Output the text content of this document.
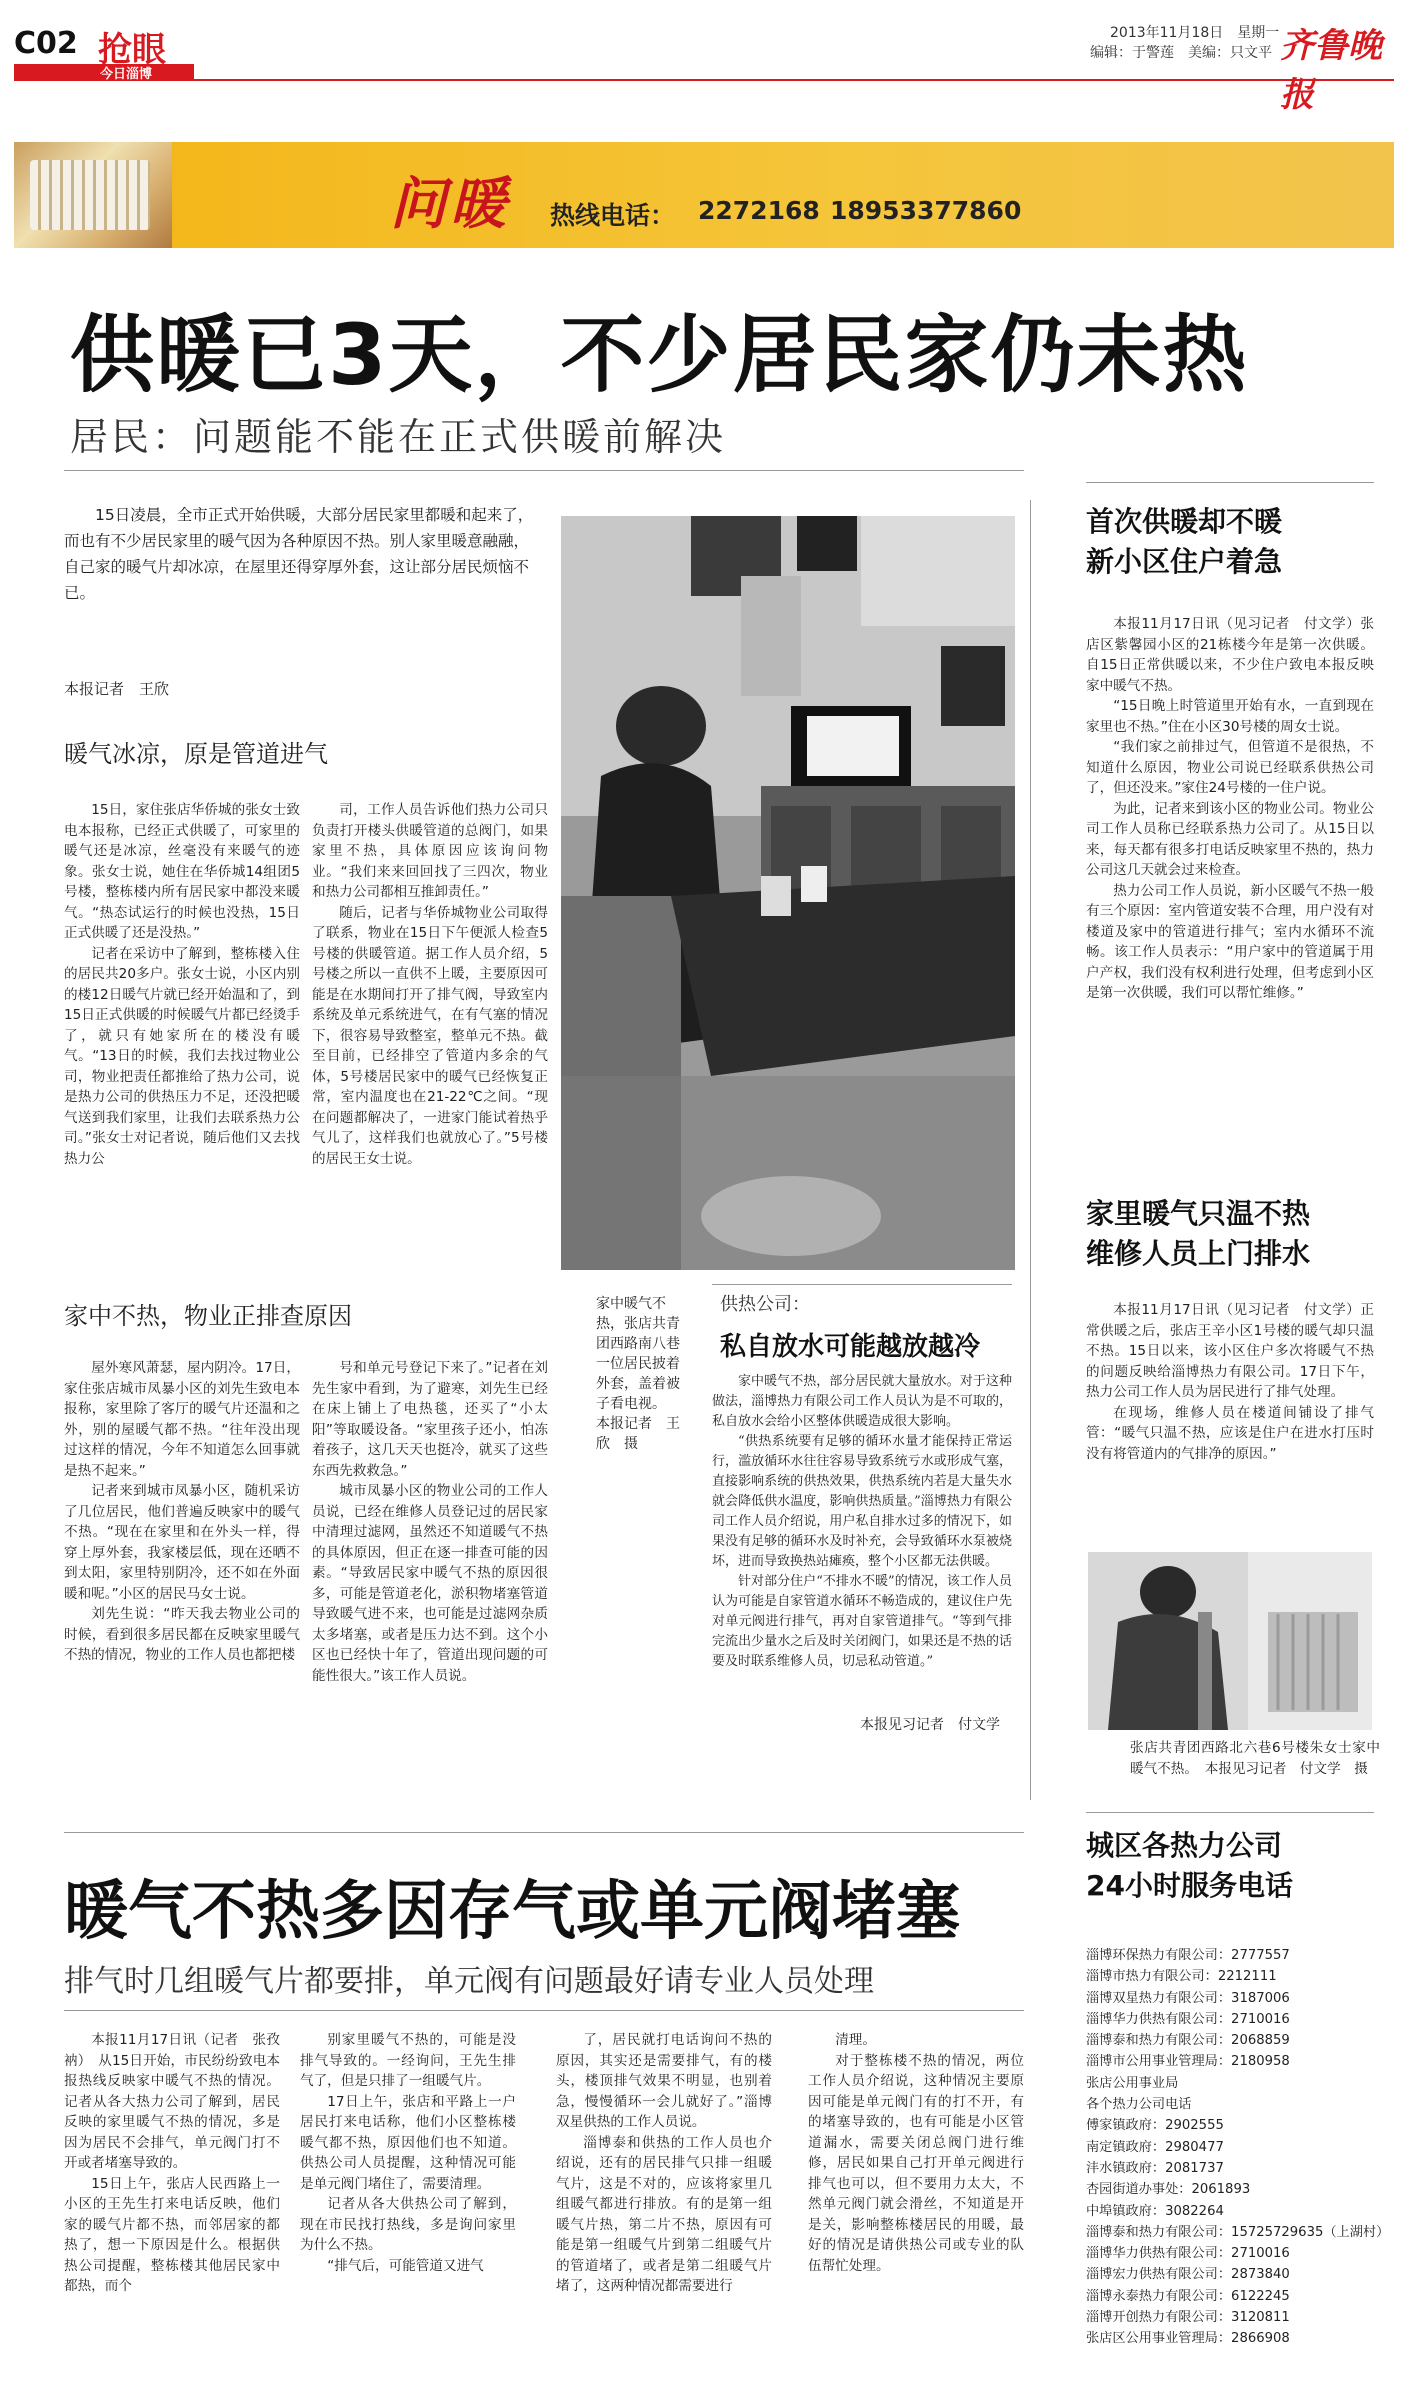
C02 抢眼
今日淄博
2013年11月18日　星期一
编辑：于警莲　美编：只文平 齐鲁晚报
问暖 热线电话： 2272168 18953377860
供暖已3天，不少居民家仍未热
居民：问题能不能在正式供暖前解决

15日凌晨，全市正式开始供暖，大部分居民家里都暖和起来了，而也有不少居民家里的暖气因为各种原因不热。别人家里暖意融融，自己家的暖气片却冰凉，在屋里还得穿厚外套，这让部分居民烦恼不已。

本报记者　王欣
暖气冰凉，原是管道进气

15日，家住张店华侨城的张女士致电本报称，已经正式供暖了，可家里的暖气还是冰凉，丝毫没有来暖气的迹象。张女士说，她住在华侨城14组团5号楼，整栋楼内所有居民家中都没来暖气。“热态试运行的时候也没热，15日正式供暖了还是没热。”

记者在采访中了解到，整栋楼入住的居民共20多户。张女士说，小区内别的楼12日暖气片就已经开始温和了，到15日正式供暖的时候暖气片都已经烫手了，就只有她家所在的楼没有暖气。“13日的时候，我们去找过物业公司，物业把责任都推给了热力公司，说是热力公司的供热压力不足，还没把暖气送到我们家里，让我们去联系热力公司。”张女士对记者说，随后他们又去找热力公

司，工作人员告诉他们热力公司只负责打开楼头供暖管道的总阀门，如果家里不热，具体原因应该询问物业。“我们来来回回找了三四次，物业和热力公司都相互推卸责任。”

随后，记者与华侨城物业公司取得了联系，物业在15日下午便派人检查5号楼的供暖管道。据工作人员介绍，5号楼之所以一直供不上暖，主要原因可能是在水期间打开了排气阀，导致室内系统及单元系统进气，在有气塞的情况下，很容易导致整室，整单元不热。截至目前，已经排空了管道内多余的气体，5号楼居民家中的暖气已经恢复正常，室内温度也在21-22℃之间。“现在问题都解决了，一进家门能试着热乎气儿了，这样我们也就放心了。”5号楼的居民王女士说。

家中不热，物业正排查原因

屋外寒风萧瑟，屋内阴冷。17日，家住张店城市凤暴小区的刘先生致电本报称，家里除了客厅的暖气片还温和之外，别的屋暖气都不热。“往年没出现过这样的情况，今年不知道怎么回事就是热不起来。”

记者来到城市凤暴小区，随机采访了几位居民，他们普遍反映家中的暖气不热。“现在在家里和在外头一样，得穿上厚外套，我家楼层低，现在还晒不到太阳，家里特别阴冷，还不如在外面暖和呢。”小区的居民马女士说。

刘先生说：“昨天我去物业公司的时候，看到很多居民都在反映家里暖气不热的情况，物业的工作人员也都把楼

号和单元号登记下来了。”记者在刘先生家中看到，为了避寒，刘先生已经在床上铺上了电热毯，还买了“小太阳”等取暖设备。“家里孩子还小，怕冻着孩子，这几天天也挺冷，就买了这些东西先救救急。”

城市凤暴小区的物业公司的工作人员说，已经在维修人员登记过的居民家中清理过滤网，虽然还不知道暖气不热的具体原因，但正在逐一排查可能的因素。“导致居民家中暖气不热的原因很多，可能是管道老化，淤积物堵塞管道导致暖气进不来，也可能是过滤网杂质太多堵塞，或者是压力达不到。这个小区也已经快十年了，管道出现问题的可能性很大。”该工作人员说。

家中暖气不热，张店共青团西路南八巷一位居民披着外套，盖着被子看电视。　本报记者　王欣　摄
供热公司：
私自放水可能越放越冷

家中暖气不热，部分居民就大量放水。对于这种做法，淄博热力有限公司工作人员认为是不可取的，私自放水会给小区整体供暖造成很大影响。

“供热系统要有足够的循环水量才能保持正常运行，滥放循环水往往容易导致系统亏水或形成气塞，直接影响系统的供热效果，供热系统内若是大量失水就会降低供水温度，影响供热质量。”淄博热力有限公司工作人员介绍说，用户私自排水过多的情况下，如果没有足够的循环水及时补充，会导致循环水泵被烧坏，进而导致换热站瘫痪，整个小区都无法供暖。

针对部分住户“不排水不暖”的情况，该工作人员认为可能是自家管道水循环不畅造成的，建议住户先对单元阀进行排气，再对自家管道排气。“等到气排完流出少量水之后及时关闭阀门，如果还是不热的话要及时联系维修人员，切忌私动管道。”

本报见习记者　付文学
首次供暖却不暖
新小区住户着急

本报11月17日讯（见习记者　付文学）张店区紫馨园小区的21栋楼今年是第一次供暖。自15日正常供暖以来，不少住户致电本报反映家中暖气不热。

“15日晚上时管道里开始有水，一直到现在家里也不热。”住在小区30号楼的周女士说。

“我们家之前排过气，但管道不是很热，不知道什么原因，物业公司说已经联系供热公司了，但还没来。”家住24号楼的一住户说。

为此，记者来到该小区的物业公司。物业公司工作人员称已经联系热力公司了。从15日以来，每天都有很多打电话反映家里不热的，热力公司这几天就会过来检查。

热力公司工作人员说，新小区暖气不热一般有三个原因：室内管道安装不合理，用户没有对楼道及家中的管道进行排气；室内水循环不流畅。该工作人员表示：“用户家中的管道属于用户产权，我们没有权利进行处理，但考虑到小区是第一次供暖，我们可以帮忙维修。”

家里暖气只温不热
维修人员上门排水

本报11月17日讯（见习记者　付文学）正常供暖之后，张店王辛小区1号楼的暖气却只温不热。15日以来，该小区住户多次将暖气不热的问题反映给淄博热力有限公司。17日下午，热力公司工作人员为居民进行了排气处理。

在现场，维修人员在楼道间铺设了排气管：“暖气只温不热，应该是住户在进水打压时没有将管道内的气排净的原因。”

张店共青团西路北六巷6号楼朱女士家中暖气不热。　本报见习记者　付文学　摄
城区各热力公司
24小时服务电话
淄博环保热力有限公司：2777557
淄博市热力有限公司：2212111
淄博双星热力有限公司：3187006
淄博华力供热有限公司：2710016
淄博泰和热力有限公司：2068859
淄博市公用事业管理局：2180958
张店公用事业局
各个热力公司电话
傅家镇政府：2902555
南定镇政府：2980477
沣水镇政府：2081737
杏园街道办事处：2061893
中埠镇政府：3082264
淄博泰和热力有限公司：15725729635（上湖村）
淄博华力供热有限公司：2710016
淄博宏力供热有限公司：2873840
淄博永泰热力有限公司：6122245
淄博开创热力有限公司：3120811
张店区公用事业管理局：2866908
暖气不热多因存气或单元阀堵塞
排气时几组暖气片都要排，单元阀有问题最好请专业人员处理

本报11月17日讯（记者　张孜衲）　从15日开始，市民纷纷致电本报热线反映家中暖气不热的情况。记者从各大热力公司了解到，居民反映的家里暖气不热的情况，多是因为居民不会排气，单元阀门打不开或者堵塞导致的。

15日上午，张店人民西路上一小区的王先生打来电话反映，他们家的暖气片都不热，而邻居家的都热了，想一下原因是什么。根据供热公司提醒，整栋楼其他居民家中都热，而个

别家里暖气不热的，可能是没排气导致的。一经询问，王先生排气了，但是只排了一组暖气片。

17日上午，张店和平路上一户居民打来电话称，他们小区整栋楼暖气都不热，原因他们也不知道。供热公司人员提醒，这种情况可能是单元阀门堵住了，需要清理。

记者从各大供热公司了解到，现在市民找打热线，多是询问家里为什么不热。

“排气后，可能管道又进气

了，居民就打电话询问不热的原因，其实还是需要排气，有的楼头，楼顶排气效果不明显，也别着急，慢慢循环一会儿就好了。”淄博双星供热的工作人员说。

淄博泰和供热的工作人员也介绍说，还有的居民排气只排一组暖气片，这是不对的，应该将家里几组暖气都进行排放。有的是第一组暖气片热，第二片不热，原因有可能是第一组暖气片到第二组暖气片的管道堵了，或者是第二组暖气片堵了，这两种情况都需要进行

清理。

对于整栋楼不热的情况，两位工作人员介绍说，这种情况主要原因可能是单元阀门有的打不开，有的堵塞导致的，也有可能是小区管道漏水，需要关闭总阀门进行维修，居民如果自己打开单元阀进行排气也可以，但不要用力太大，不然单元阀门就会滑丝，不知道是开是关，影响整栋楼居民的用暖，最好的情况是请供热公司或专业的队伍帮忙处理。
